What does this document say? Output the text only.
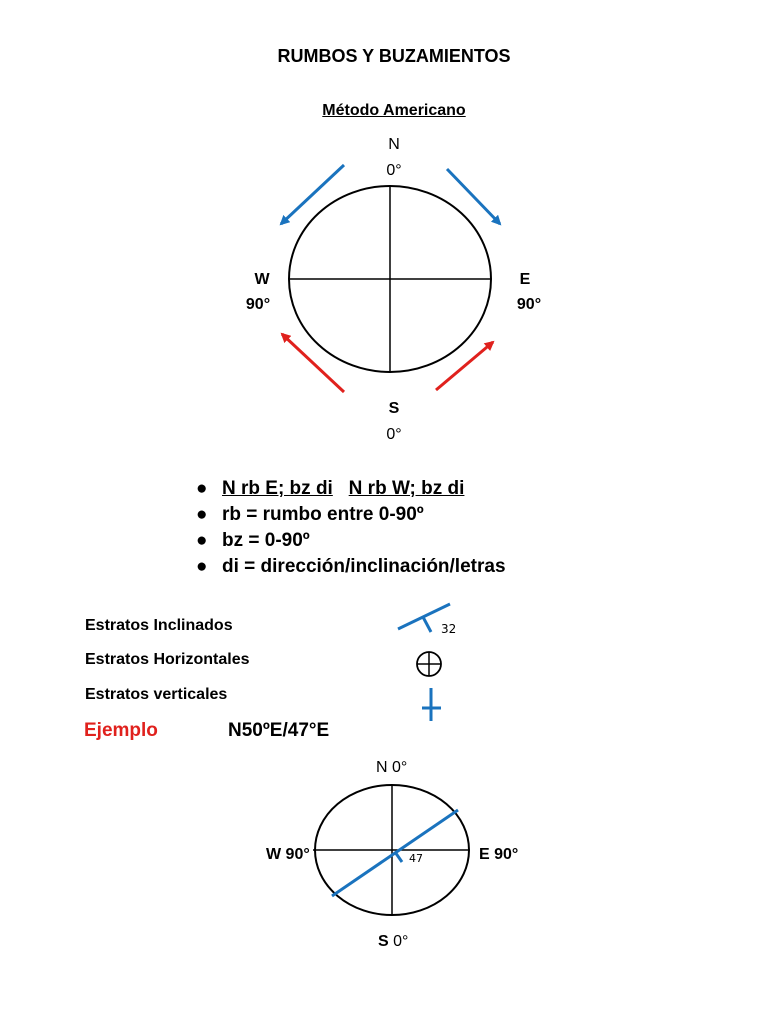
RUMBOS Y BUZAMIENTOS
Método Americano
N
0°
W
90°
E
90°
S
0°
● N rb E; bz di N rb W; bz di
● rb = rumbo entre 0-90º
● bz = 0-90º
● di = dirección/inclinación/letras
Estratos Inclinados
Estratos Horizontales
Estratos verticales
Ejemplo	N50ºE/47°E
N 0°
W 90°	E 90°
S 0°
32
47
